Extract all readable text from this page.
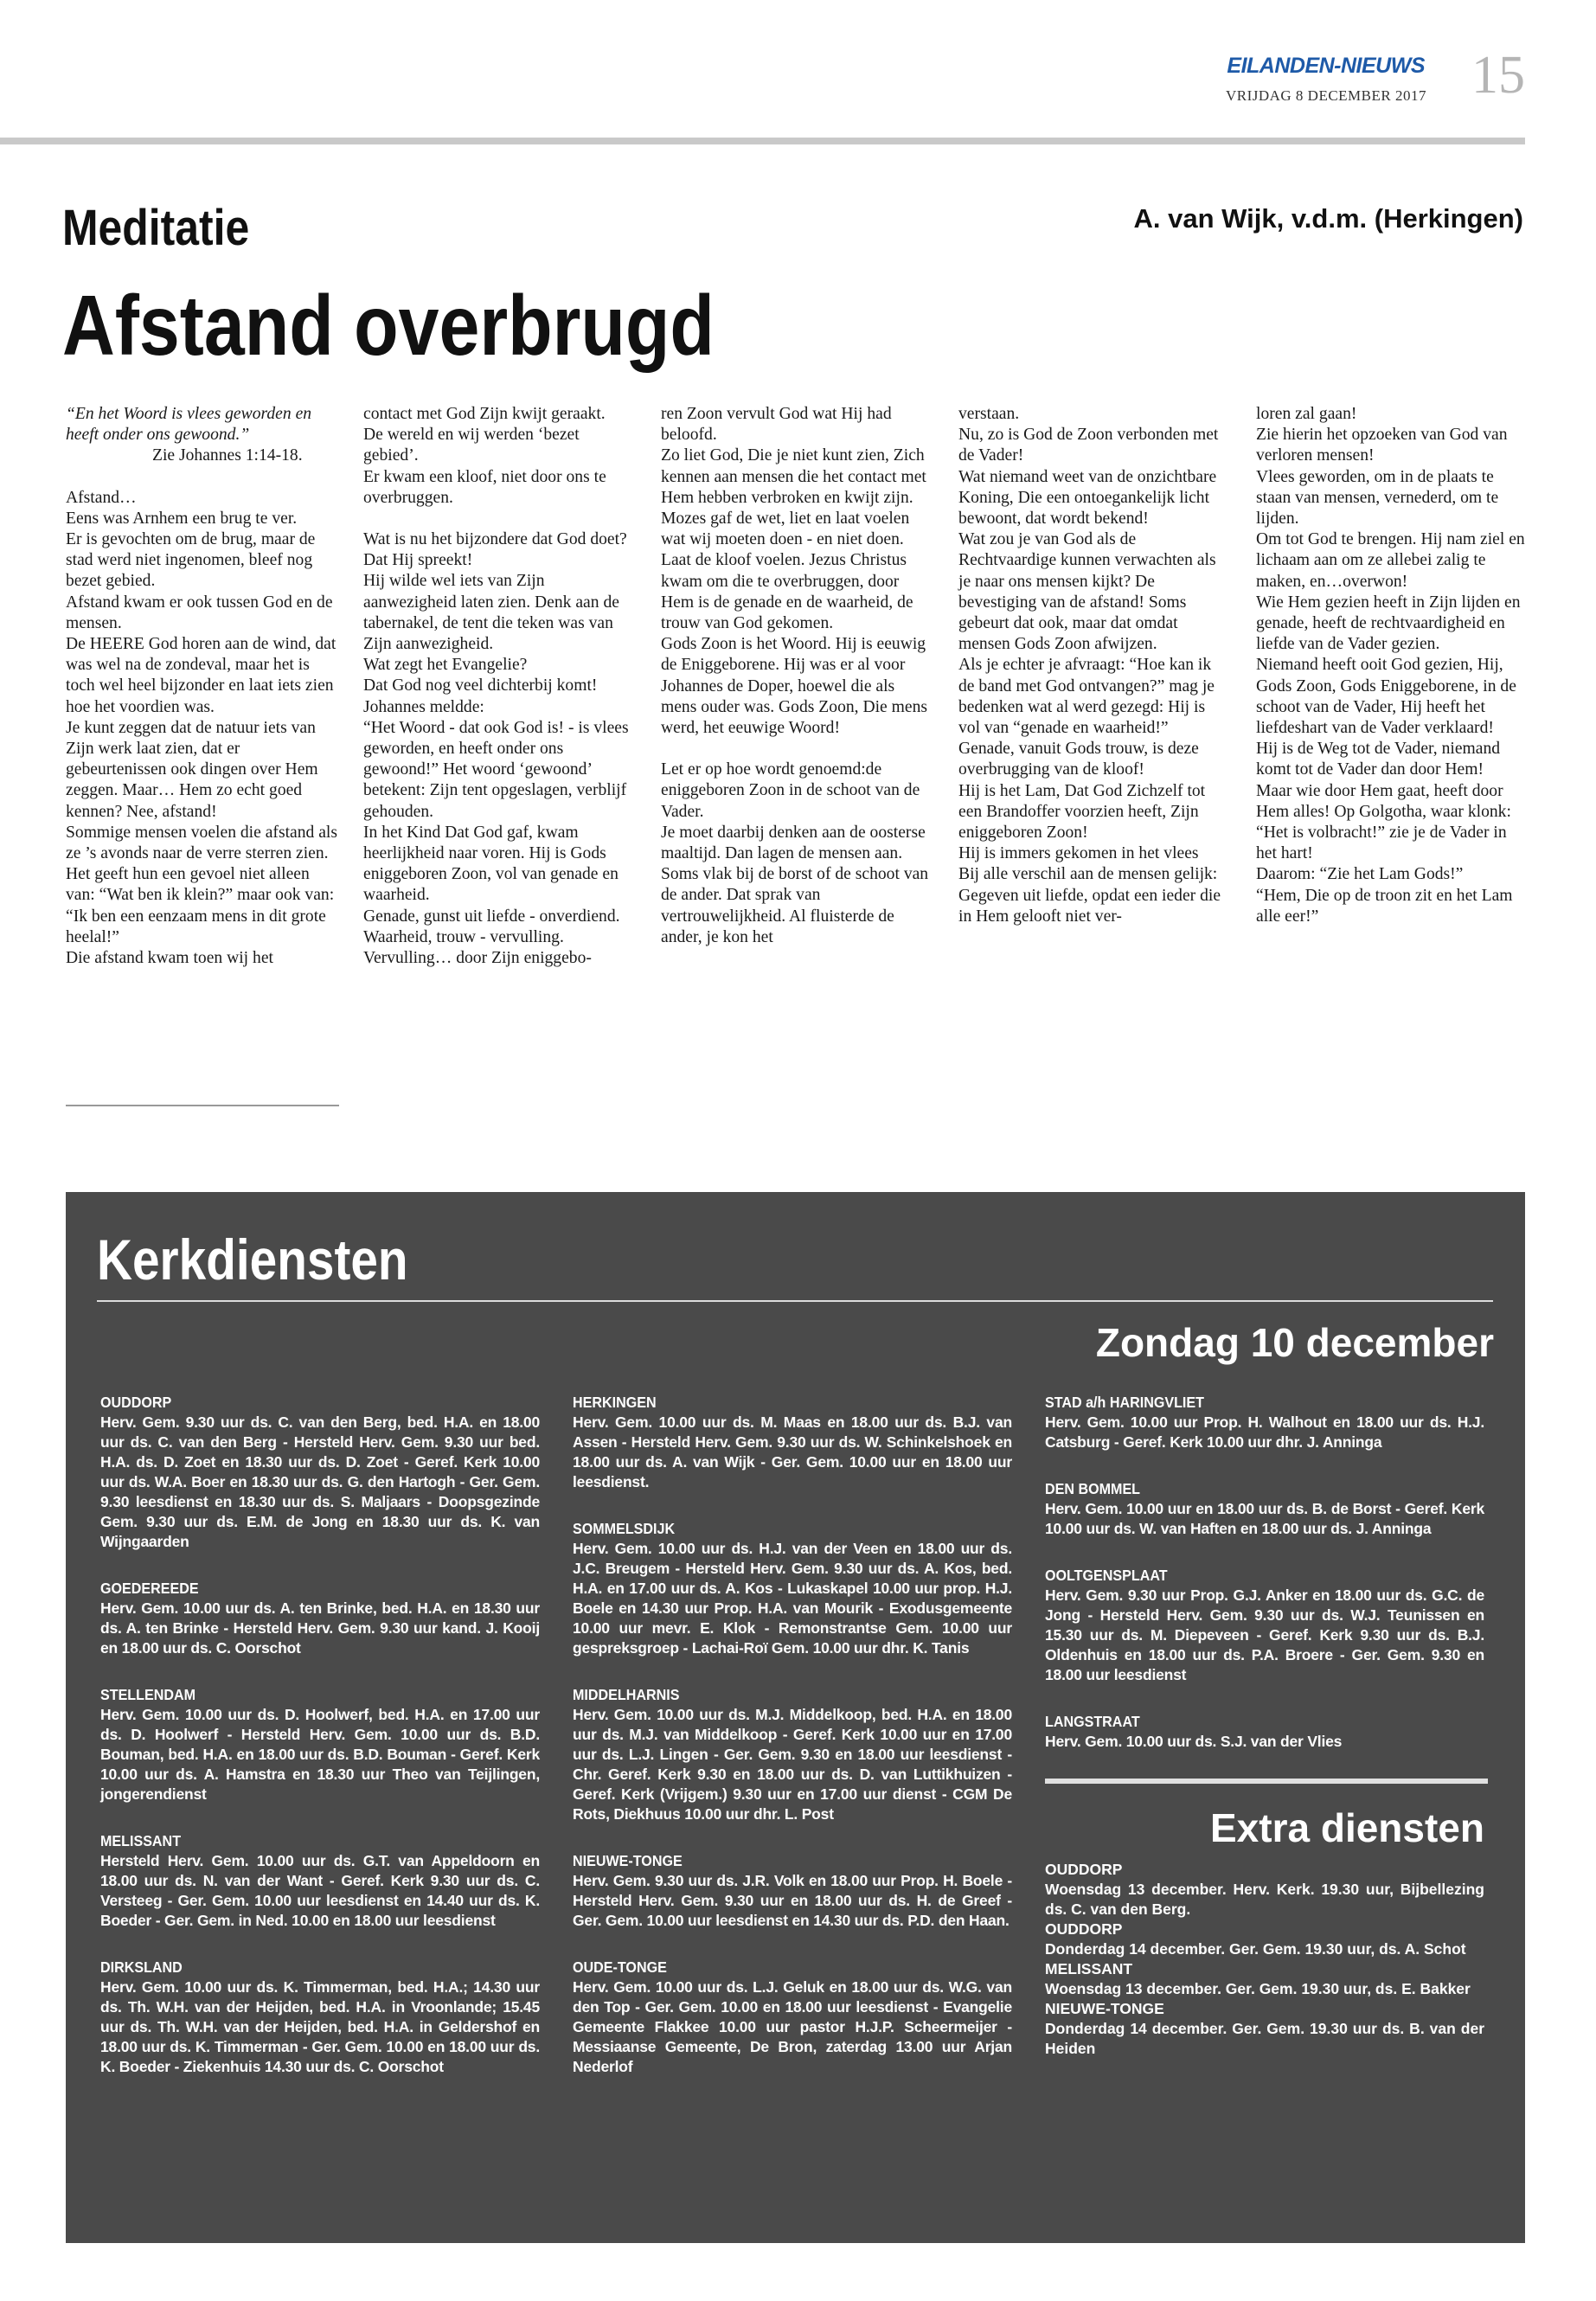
EILANDEN-NIEUWS
VRIJDAG 8 DECEMBER 2017 15
Meditatie	A. van Wijk, v.d.m. (Herkingen)
Afstand overbrugd

“En het Woord is vlees geworden en heeft onder ons gewoond.”

Zie Johannes 1:14-18.

Afstand…

Eens was Arnhem een brug te ver.

Er is gevochten om de brug, maar de stad werd niet ingenomen, bleef nog bezet gebied.

Afstand kwam er ook tussen God en de mensen.

De HEERE God horen aan de wind, dat was wel na de zondeval, maar het is toch wel heel bijzonder en laat iets zien hoe het voordien was.

Je kunt zeggen dat de natuur iets van Zijn werk laat zien, dat er gebeurtenissen ook dingen over Hem zeggen. Maar… Hem zo echt goed kennen? Nee, afstand!

Sommige mensen voelen die afstand als ze ’s avonds naar de verre sterren zien. Het geeft hun een gevoel niet alleen van: “Wat ben ik klein?” maar ook van: “Ik ben een eenzaam mens in dit grote heelal!”

Die afstand kwam toen wij het

contact met God Zijn kwijt geraakt.

De wereld en wij werden ‘bezet gebied’.

Er kwam een kloof, niet door ons te overbruggen.

Wat is nu het bijzondere dat God doet? Dat Hij spreekt!

Hij wilde wel iets van Zijn aanwezigheid laten zien. Denk aan de tabernakel, de tent die teken was van Zijn aanwezigheid.

Wat zegt het Evangelie?

Dat God nog veel dichterbij komt!

Johannes meldde:

“Het Woord - dat ook God is! - is vlees geworden, en heeft onder ons gewoond!” Het woord ‘gewoond’ betekent: Zijn tent opgeslagen, verblijf gehouden.

In het Kind Dat God gaf, kwam heerlijkheid naar voren. Hij is Gods eniggeboren Zoon, vol van genade en waarheid.

Genade, gunst uit liefde - onverdiend.

Waarheid, trouw - vervulling.

Vervulling… door Zijn eniggebo-

ren Zoon vervult God wat Hij had beloofd.

Zo liet God, Die je niet kunt zien, Zich kennen aan mensen die het contact met Hem hebben verbroken en kwijt zijn.

Mozes gaf de wet, liet en laat voelen wat wij moeten doen - en niet doen. Laat de kloof voelen. Jezus Christus kwam om die te overbruggen, door Hem is de genade en de waarheid, de trouw van God gekomen.

Gods Zoon is het Woord. Hij is eeuwig de Eniggeborene. Hij was er al voor Johannes de Doper, hoewel die als mens ouder was. Gods Zoon, Die mens werd, het eeuwige Woord!

Let er op hoe wordt genoemd:de eniggeboren Zoon in de schoot van de Vader.

Je moet daarbij denken aan de oosterse maaltijd. Dan lagen de mensen aan. Soms vlak bij de borst of de schoot van de ander. Dat sprak van vertrouwelijkheid. Al fluisterde de ander, je kon het

verstaan.

Nu, zo is God de Zoon verbonden met de Vader!

Wat niemand weet van de onzichtbare Koning, Die een ontoegankelijk licht bewoont, dat wordt bekend!

Wat zou je van God als de Rechtvaardige kunnen verwachten als je naar ons mensen kijkt? De bevestiging van de afstand! Soms gebeurt dat ook, maar dat omdat mensen Gods Zoon afwijzen.

Als je echter je afvraagt: “Hoe kan ik de band met God ontvangen?” mag je bedenken wat al werd gezegd: Hij is vol van “genade en waarheid!”

Genade, vanuit Gods trouw, is deze overbrugging van de kloof!

Hij is het Lam, Dat God Zichzelf tot een Brandoffer voorzien heeft, Zijn eniggeboren Zoon!

Hij is immers gekomen in het vlees

Bij alle verschil aan de mensen gelijk:

Gegeven uit liefde, opdat een ieder die in Hem gelooft niet ver-

loren zal gaan!

Zie hierin het opzoeken van God van verloren mensen!

Vlees geworden, om in de plaats te staan van mensen, vernederd, om te lijden.

Om tot God te brengen. Hij nam ziel en lichaam aan om ze allebei zalig te maken, en…overwon!

Wie Hem gezien heeft in Zijn lijden en genade, heeft de rechtvaardigheid en liefde van de Vader gezien.

Niemand heeft ooit God gezien, Hij, Gods Zoon, Gods Eniggeborene, in de schoot van de Vader, Hij heeft het liefdeshart van de Vader verklaard!

Hij is de Weg tot de Vader, niemand komt tot de Vader dan door Hem!

Maar wie door Hem gaat, heeft door Hem alles! Op Golgotha, waar klonk: “Het is volbracht!” zie je de Vader in het hart!

Daarom: “Zie het Lam Gods!”

“Hem, Die op de troon zit en het Lam alle eer!”

Kerkdiensten
Zondag 10 december
OUDDORP

Herv. Gem. 9.30 uur ds. C. van den Berg, bed. H.A. en 18.00 uur ds. C. van den Berg - Hersteld Herv. Gem. 9.30 uur bed. H.A. ds. D. Zoet en 18.30 uur ds. D. Zoet - Geref. Kerk 10.00 uur ds. W.A. Boer en 18.30 uur ds. G. den Hartogh - Ger. Gem. 9.30 leesdienst en 18.30 uur ds. S. Maljaars - Doopsgezinde Gem. 9.30 uur ds. E.M. de Jong en 18.30 uur ds. K. van Wijngaarden

GOEDEREEDE

Herv. Gem. 10.00 uur ds. A. ten Brinke, bed. H.A. en 18.30 uur ds. A. ten Brinke - Hersteld Herv. Gem. 9.30 uur kand. J. Kooij en 18.00 uur ds. C. Oorschot

STELLENDAM

Herv. Gem. 10.00 uur ds. D. Hoolwerf, bed. H.A. en 17.00 uur ds. D. Hoolwerf - Hersteld Herv. Gem. 10.00 uur ds. B.D. Bouman, bed. H.A. en 18.00 uur ds. B.D. Bouman - Geref. Kerk 10.00 uur ds. A. Hamstra en 18.30 uur Theo van Teijlingen, jongerendienst

MELISSANT

Hersteld Herv. Gem. 10.00 uur ds. G.T. van Appeldoorn en 18.00 uur ds. N. van der Want - Geref. Kerk 9.30 uur ds. C. Versteeg - Ger. Gem. 10.00 uur leesdienst en 14.40 uur ds. K. Boeder - Ger. Gem. in Ned. 10.00 en 18.00 uur leesdienst

DIRKSLAND

Herv. Gem. 10.00 uur ds. K. Timmerman, bed. H.A.; 14.30 uur ds. Th. W.H. van der Heijden, bed. H.A. in Vroonlande; 15.45 uur ds. Th. W.H. van der Heijden, bed. H.A. in Geldershof en 18.00 uur ds. K. Timmerman - Ger. Gem. 10.00 en 18.00 uur ds. K. Boeder - Ziekenhuis 14.30 uur ds. C. Oorschot

HERKINGEN

Herv. Gem. 10.00 uur ds. M. Maas en 18.00 uur ds. B.J. van Assen - Hersteld Herv. Gem. 9.30 uur ds. W. Schinkelshoek en 18.00 uur ds. A. van Wijk - Ger. Gem. 10.00 uur en 18.00 uur leesdienst.

SOMMELSDIJK

Herv. Gem. 10.00 uur ds. H.J. van der Veen en 18.00 uur ds. J.C. Breugem - Hersteld Herv. Gem. 9.30 uur ds. A. Kos, bed. H.A. en 17.00 uur ds. A. Kos - Lukaskapel 10.00 uur prop. H.J. Boele en 14.30 uur Prop. H.A. van Mourik - Exodusgemeente 10.00 uur mevr. E. Klok - Remonstrantse Gem. 10.00 uur gespreksgroep - Lachai-Roï Gem. 10.00 uur dhr. K. Tanis

MIDDELHARNIS

Herv. Gem. 10.00 uur ds. M.J. Middelkoop, bed. H.A. en 18.00 uur ds. M.J. van Middelkoop - Geref. Kerk 10.00 uur en 17.00 uur ds. L.J. Lingen - Ger. Gem. 9.30 en 18.00 uur leesdienst - Chr. Geref. Kerk 9.30 en 18.00 uur ds. D. van Luttikhuizen - Geref. Kerk (Vrijgem.) 9.30 uur en 17.00 uur dienst - CGM De Rots, Diekhuus 10.00 uur dhr. L. Post

NIEUWE-TONGE

Herv. Gem. 9.30 uur ds. J.R. Volk en 18.00 uur Prop. H. Boele - Hersteld Herv. Gem. 9.30 uur en 18.00 uur ds. H. de Greef - Ger. Gem. 10.00 uur leesdienst en 14.30 uur ds. P.D. den Haan.

OUDE-TONGE

Herv. Gem. 10.00 uur ds. L.J. Geluk en 18.00 uur ds. W.G. van den Top - Ger. Gem. 10.00 en 18.00 uur leesdienst - Evangelie Gemeente Flakkee 10.00 uur pastor H.J.P. Scheermeijer - Messiaanse Gemeente, De Bron, zaterdag 13.00 uur Arjan Nederlof

STAD a/h HARINGVLIET

Herv. Gem. 10.00 uur Prop. H. Walhout en 18.00 uur ds. H.J. Catsburg - Geref. Kerk 10.00 uur dhr. J. Anninga

DEN BOMMEL

Herv. Gem. 10.00 uur en 18.00 uur ds. B. de Borst - Geref. Kerk 10.00 uur ds. W. van Haften en 18.00 uur ds. J. Anninga

OOLTGENSPLAAT

Herv. Gem. 9.30 uur Prop. G.J. Anker en 18.00 uur ds. G.C. de Jong - Hersteld Herv. Gem. 9.30 uur ds. W.J. Teunissen en 15.30 uur ds. M. Diepeveen - Geref. Kerk 9.30 uur ds. B.J. Oldenhuis en 18.00 uur ds. P.A. Broere - Ger. Gem. 9.30 en 18.00 uur leesdienst

LANGSTRAAT

Herv. Gem. 10.00 uur ds. S.J. van der Vlies

Extra diensten
OUDDORP

Woensdag 13 december. Herv. Kerk. 19.30 uur, Bijbellezing ds. C. van den Berg.

OUDDORP

Donderdag 14 december. Ger. Gem. 19.30 uur, ds. A. Schot

MELISSANT

Woensdag 13 december. Ger. Gem. 19.30 uur, ds. E. Bakker

NIEUWE-TONGE

Donderdag 14 december. Ger. Gem. 19.30 uur ds. B. van der Heiden
